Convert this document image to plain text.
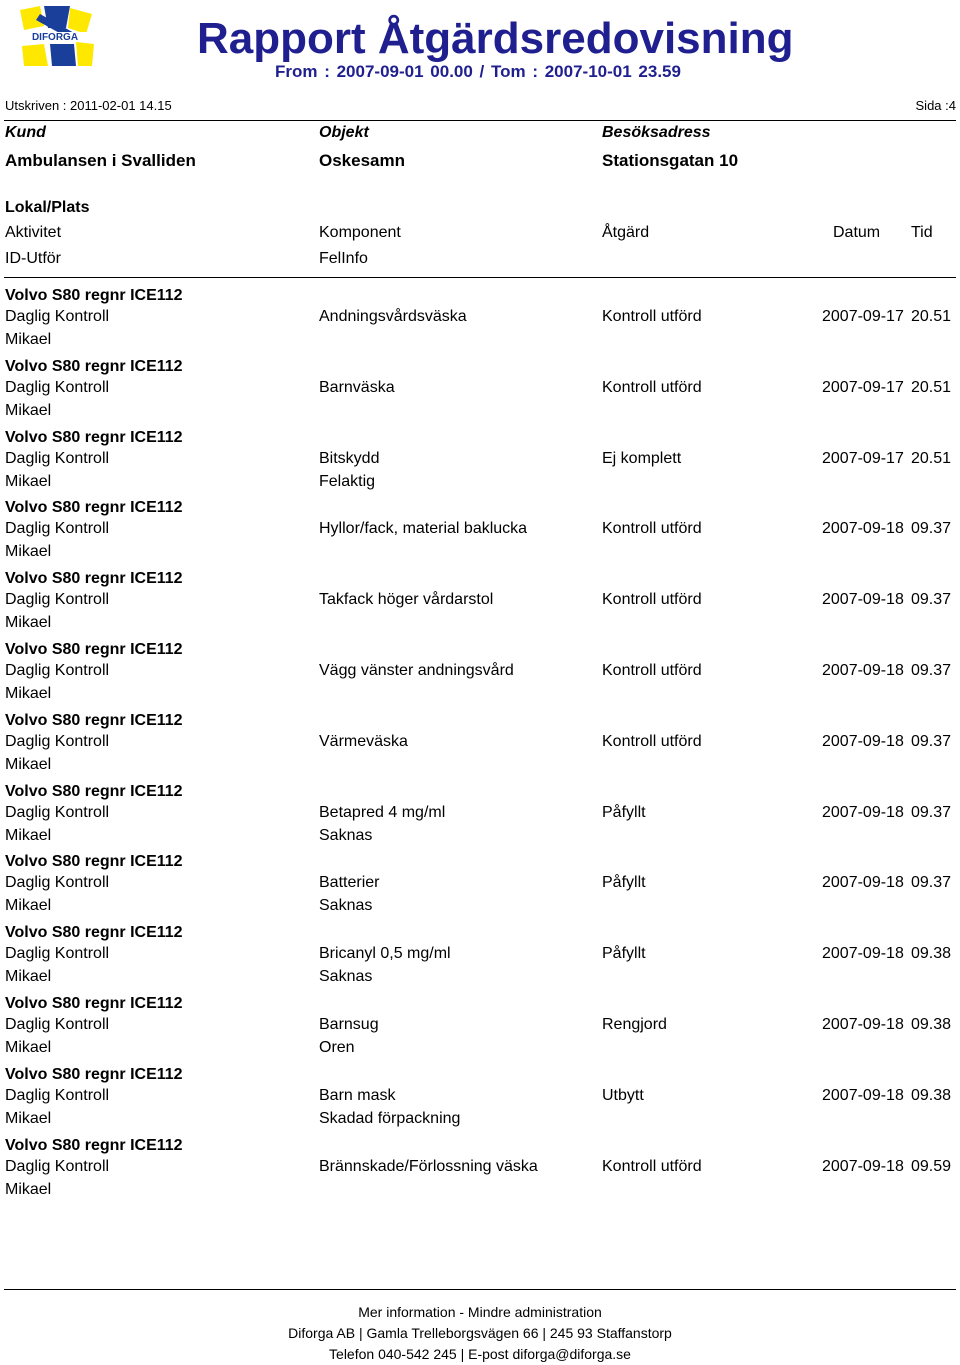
DIFORGA	Rapport Åtgärdsredovisning
From : 2007-09-01 00.00 / Tom : 2007-10-01 23.59
Utskriven : 2011-02-01 14.15	Sida :4
Kund	Objekt	Besöksadress
Ambulansen i Svalliden	Oskesamn	Stationsgatan 10
Lokal/Plats
Aktivitet	Komponent	Åtgärd	Datum Tid
ID-Utför	FelInfo
Volvo S80 regnr ICE112
Daglig Kontroll	Andningsvårdsväska	Kontroll utförd	2007-09-17 20.51
Mikael
Volvo S80 regnr ICE112
Daglig Kontroll	Barnväska	Kontroll utförd	2007-09-17 20.51
Mikael
Volvo S80 regnr ICE112
Daglig Kontroll	Bitskydd	Ej komplett	2007-09-17 20.51
Mikael	Felaktig
Volvo S80 regnr ICE112
Daglig Kontroll	Hyllor/fack, material baklucka	Kontroll utförd	2007-09-18 09.37
Mikael
Volvo S80 regnr ICE112
Daglig Kontroll	Takfack höger vårdarstol	Kontroll utförd	2007-09-18 09.37
Mikael
Volvo S80 regnr ICE112
Daglig Kontroll	Vägg vänster andningsvård	Kontroll utförd	2007-09-18 09.37
Mikael
Volvo S80 regnr ICE112
Daglig Kontroll	Värmeväska	Kontroll utförd	2007-09-18 09.37
Mikael
Volvo S80 regnr ICE112
Daglig Kontroll	Betapred 4 mg/ml	Påfyllt	2007-09-18 09.37
Mikael	Saknas
Volvo S80 regnr ICE112
Daglig Kontroll	Batterier	Påfyllt	2007-09-18 09.37
Mikael	Saknas
Volvo S80 regnr ICE112
Daglig Kontroll	Bricanyl 0,5 mg/ml	Påfyllt	2007-09-18 09.38
Mikael	Saknas
Volvo S80 regnr ICE112
Daglig Kontroll	Barnsug	Rengjord	2007-09-18 09.38
Mikael	Oren
Volvo S80 regnr ICE112
Daglig Kontroll	Barn mask	Utbytt	2007-09-18 09.38
Mikael	Skadad förpackning
Volvo S80 regnr ICE112
Daglig Kontroll	Brännskade/Förlossning väska	Kontroll utförd	2007-09-18 09.59
Mikael
Mer information - Mindre administration
Diforga AB | Gamla Trelleborgsvägen 66 | 245 93 Staffanstorp
Telefon 040-542 245 | E-post diforga@diforga.se
